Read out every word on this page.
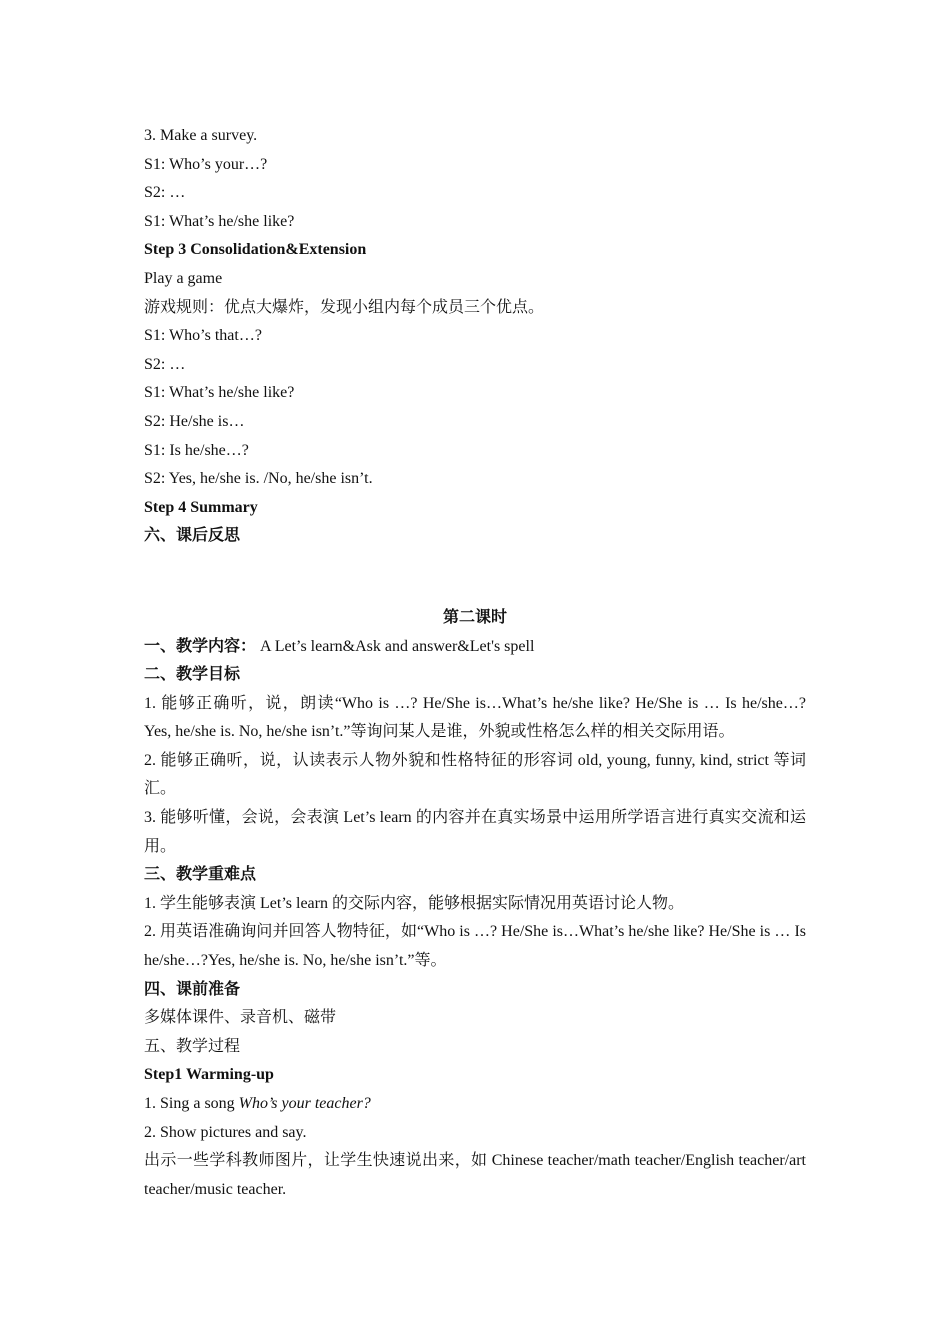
3. Make a survey.
S1: Who’s your…?
S2: …
S1: What’s he/she like?
Step 3 Consolidation&Extension
Play a game
游戏规则：优点大爆炸，发现小组内每个成员三个优点。
S1: Who’s that…?
S2: …
S1: What’s he/she like?
S2: He/she is…
S1: Is he/she…?
S2: Yes, he/she is. /No, he/she isn’t.
Step 4 Summary
六、课后反思
第二课时
一、教学内容： A Let’s learn&Ask and answer&Let's spell
二、教学目标
1. 能够正确听，说，朗读“Who is …? He/She is…What’s he/she like? He/She is … Is he/she…? Yes, he/she is. No, he/she isn’t.”等询问某人是谁，外貌或性格怎么样的相关交际用语。
2. 能够正确听，说，认读表示人物外貌和性格特征的形容词 old, young, funny, kind, strict 等词汇。
3. 能够听懂，会说，会表演 Let’s learn 的内容并在真实场景中运用所学语言进行真实交流和运用。
三、教学重难点
1. 学生能够表演 Let’s learn 的交际内容，能够根据实际情况用英语讨论人物。
2. 用英语准确询问并回答人物特征，如“Who is …? He/She is…What’s he/she like? He/She is … Is he/she…?Yes, he/she is. No, he/she isn’t.”等。
四、课前准备
多媒体课件、录音机、磁带
五、教学过程
Step1 Warming-up
1. Sing a song Who’s your teacher?
2. Show pictures and say.
出示一些学科教师图片，让学生快速说出来，如 Chinese teacher/math teacher/English teacher/art teacher/music teacher.
